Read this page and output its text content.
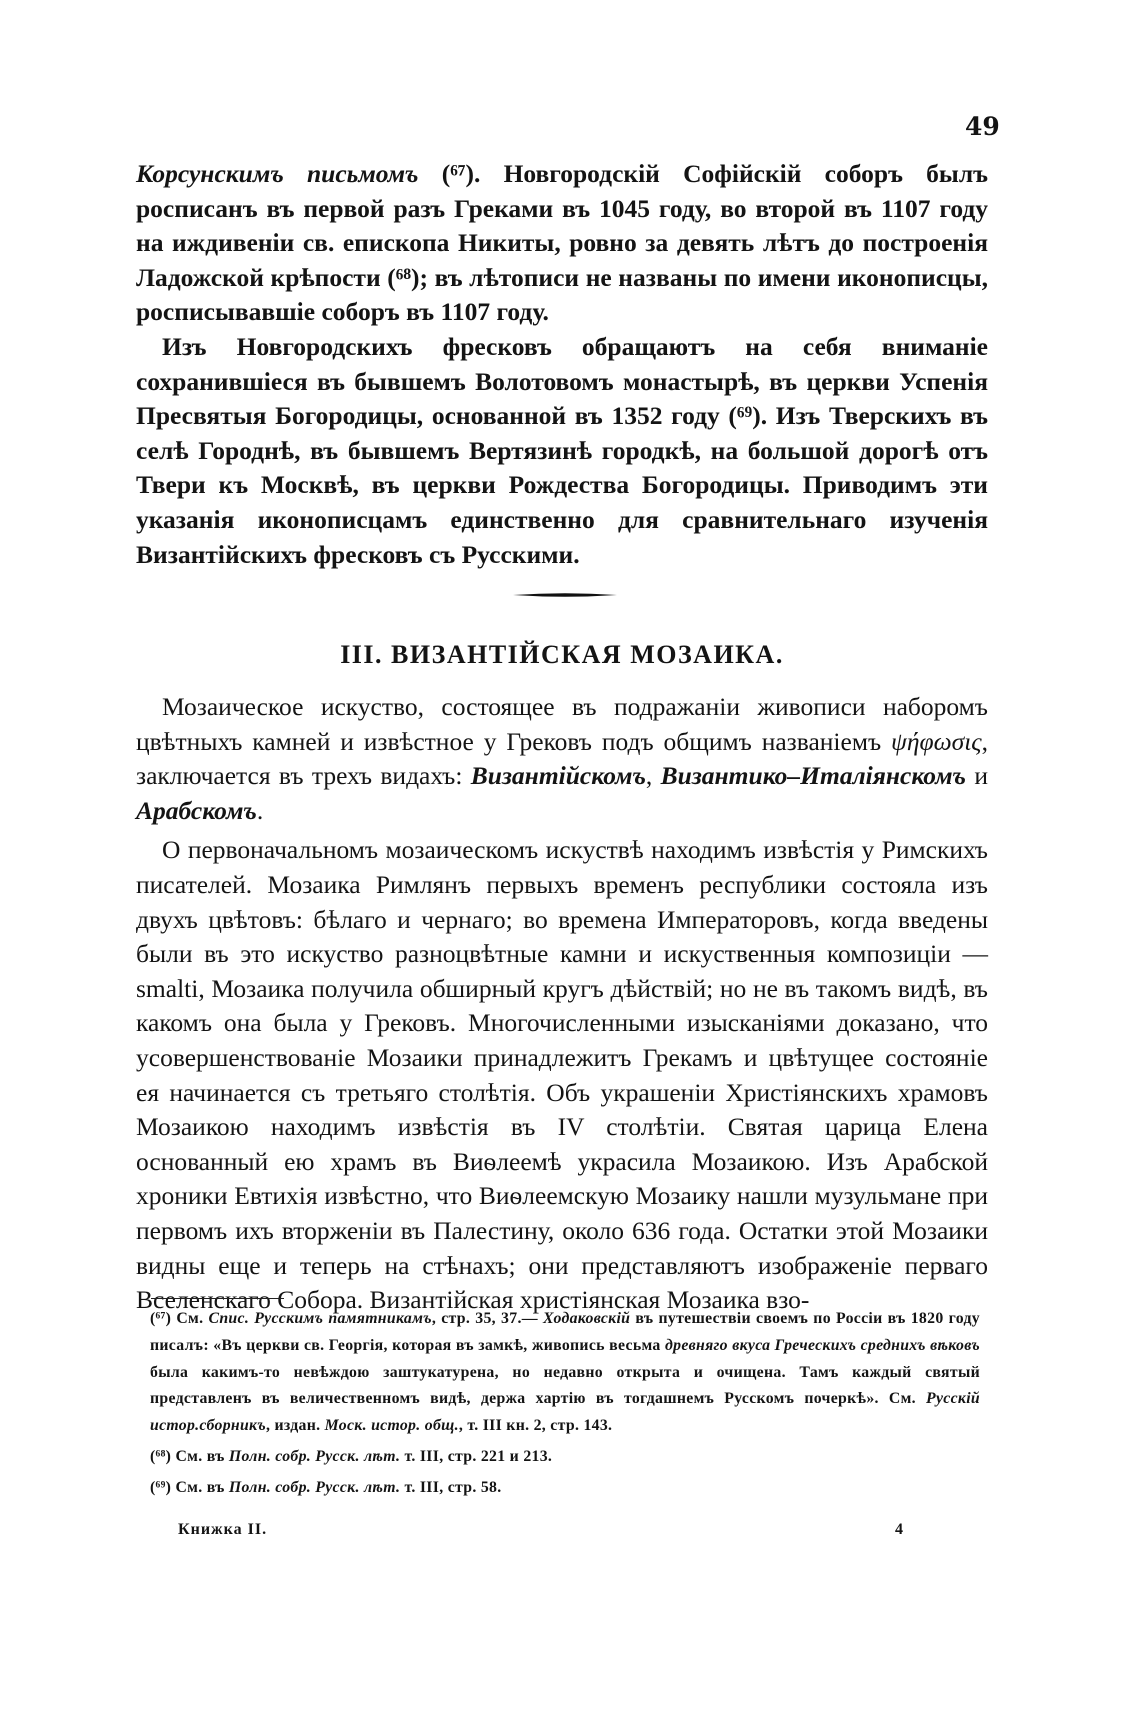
49

Корсунскимъ письмомъ (⁶⁷). Новгородскій Софійскій соборъ былъ росписанъ въ первой разъ Греками въ 1045 году, во второй въ 1107 году на иждивеніи св. епископа Никиты, ровно за девять лѣтъ до построенія Ладожской крѣпости (⁶⁸); въ лѣтописи не названы по имени иконописцы, росписывавшіе соборъ въ 1107 году.

Изъ Новгородскихъ фресковъ обращаютъ на себя вниманіе сохранившіеся въ бывшемъ Волотовомъ монастырѣ, въ церкви Успенія Пресвятыя Богородицы, основанной въ 1352 году (⁶⁹). Изъ Тверскихъ въ селѣ Городнѣ, въ бывшемъ Вертязинѣ городкѣ, на большой дорогѣ отъ Твери къ Москвѣ, въ церкви Рождества Богородицы. Приводимъ эти указанія иконописцамъ единственно для сравнительнаго изученія Византійскихъ фресковъ съ Русскими.

III. ВИЗАНТІЙСКАЯ МОЗАИКА.

Мозаическое искуство, состоящее въ подражаніи живописи наборомъ цвѣтныхъ камней и извѣстное у Грековъ подъ общимъ названіемъ ψήφωσις, заключается въ трехъ видахъ: Византійскомъ, Византико–Италіянскомъ и Арабскомъ.

О первоначальномъ мозаическомъ искуствѣ находимъ извѣстія у Римскихъ писателей. Мозаика Римлянъ первыхъ временъ республики состояла изъ двухъ цвѣтовъ: бѣлаго и чернаго; во времена Императоровъ, когда введены были въ это искуство разноцвѣтные камни и искуственныя композиціи — smalti, Мозаика получила обширный кругъ дѣйствій; но не въ такомъ видѣ, въ какомъ она была у Грековъ. Многочисленными изысканіями доказано, что усовершенствованіе Мозаики принадлежитъ Грекамъ и цвѣтущее состояніе ея начинается съ третьяго столѣтія. Объ украшеніи Христіянскихъ храмовъ Мозаикою находимъ извѣстія въ IV столѣтіи. Святая царица Елена основанный ею храмъ въ Виѳлеемѣ украсила Мозаикою. Изъ Арабской хроники Евтихія извѣстно, что Виѳлеемскую Мозаику нашли музульмане при первомъ ихъ вторженіи въ Палестину, около 636 года. Остатки этой Мозаики видны еще и теперь на стѣнахъ; они представляютъ изображеніе перваго Вселенскаго Собора. Византійская христіянская Мозаика взо-

(⁶⁷) См. Спис. Русскимъ памятникамъ, стр. 35, 37.— Ходаковскій въ путешествіи своемъ по Россіи въ 1820 году писалъ: «Въ церкви св. Георгія, которая въ замкѣ, живопись весьма древняго вкуса Греческихъ среднихъ вѣковъ была какимъ-то невѣждою заштукатурена, но недавно открыта и очищена. Тамъ каждый святый представленъ въ величественномъ видѣ, держа хартію въ тогдашнемъ Русскомъ почеркѣ». См. Русскій истор.сборникъ, издан. Моск. истор. общ., т. III кн. 2, стр. 143.

(⁶⁸) См. въ Полн. собр. Русск. лѣт. т. III, стр. 221 и 213.

(⁶⁹) См. въ Полн. собр. Русск. лѣт. т. III, стр. 58.

Книжка II.	4
